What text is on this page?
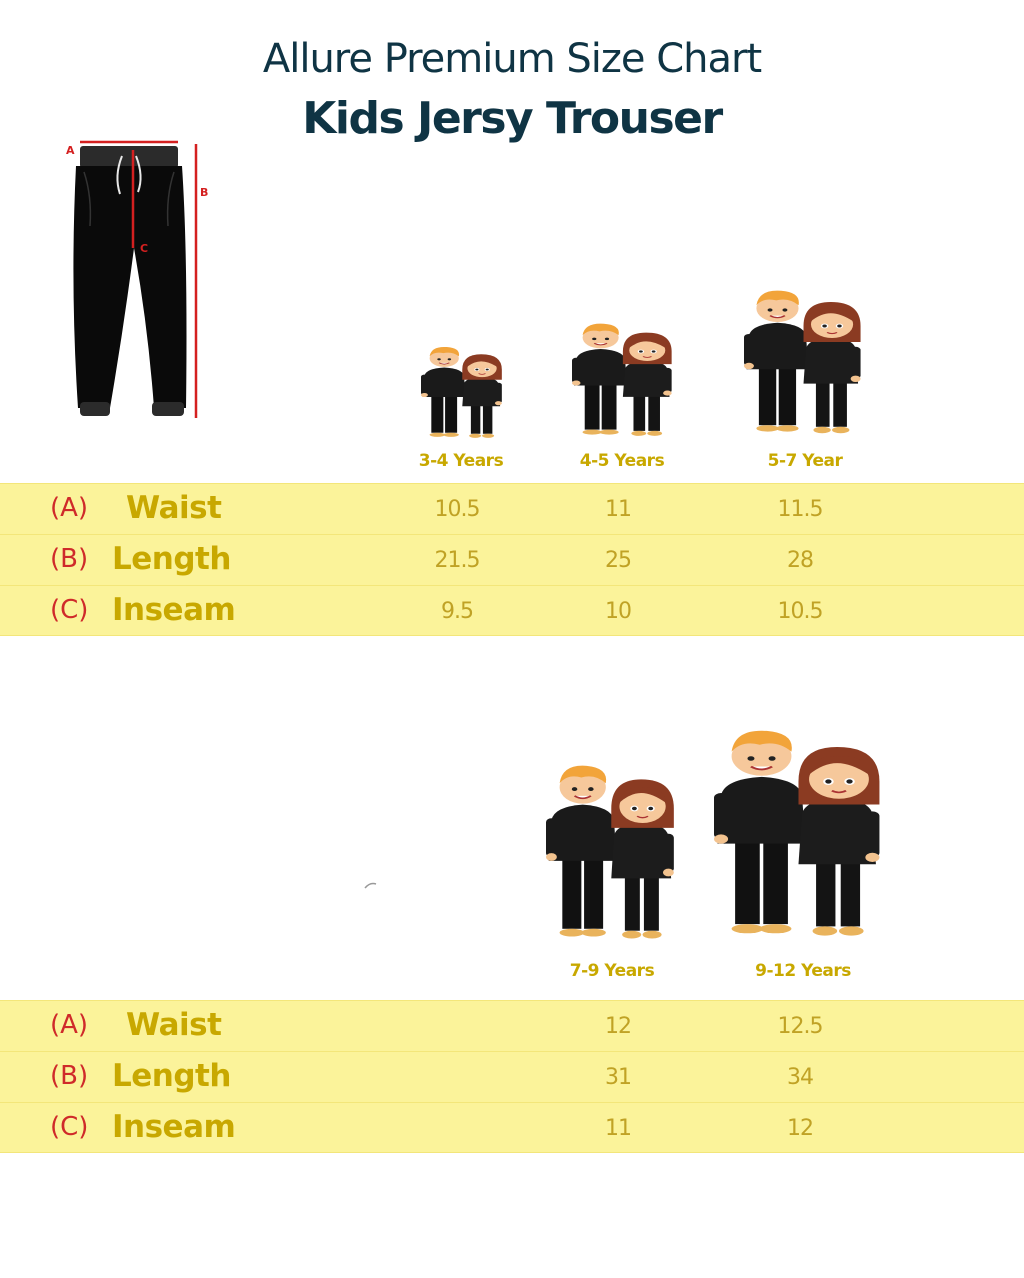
Allure Premium Size Chart
Kids Jersy Trouser
A
B
C
3-4 Years	4-5 Years	5-7 Year
(A) Waist	10.5	11	11.5
(B) Length	21.5	25	28
(C) Inseam	9.5	10	10.5
7-9 Years	9-12 Years
(A) Waist	12	12.5
(B) Length	31	34
(C) Inseam	11	12
